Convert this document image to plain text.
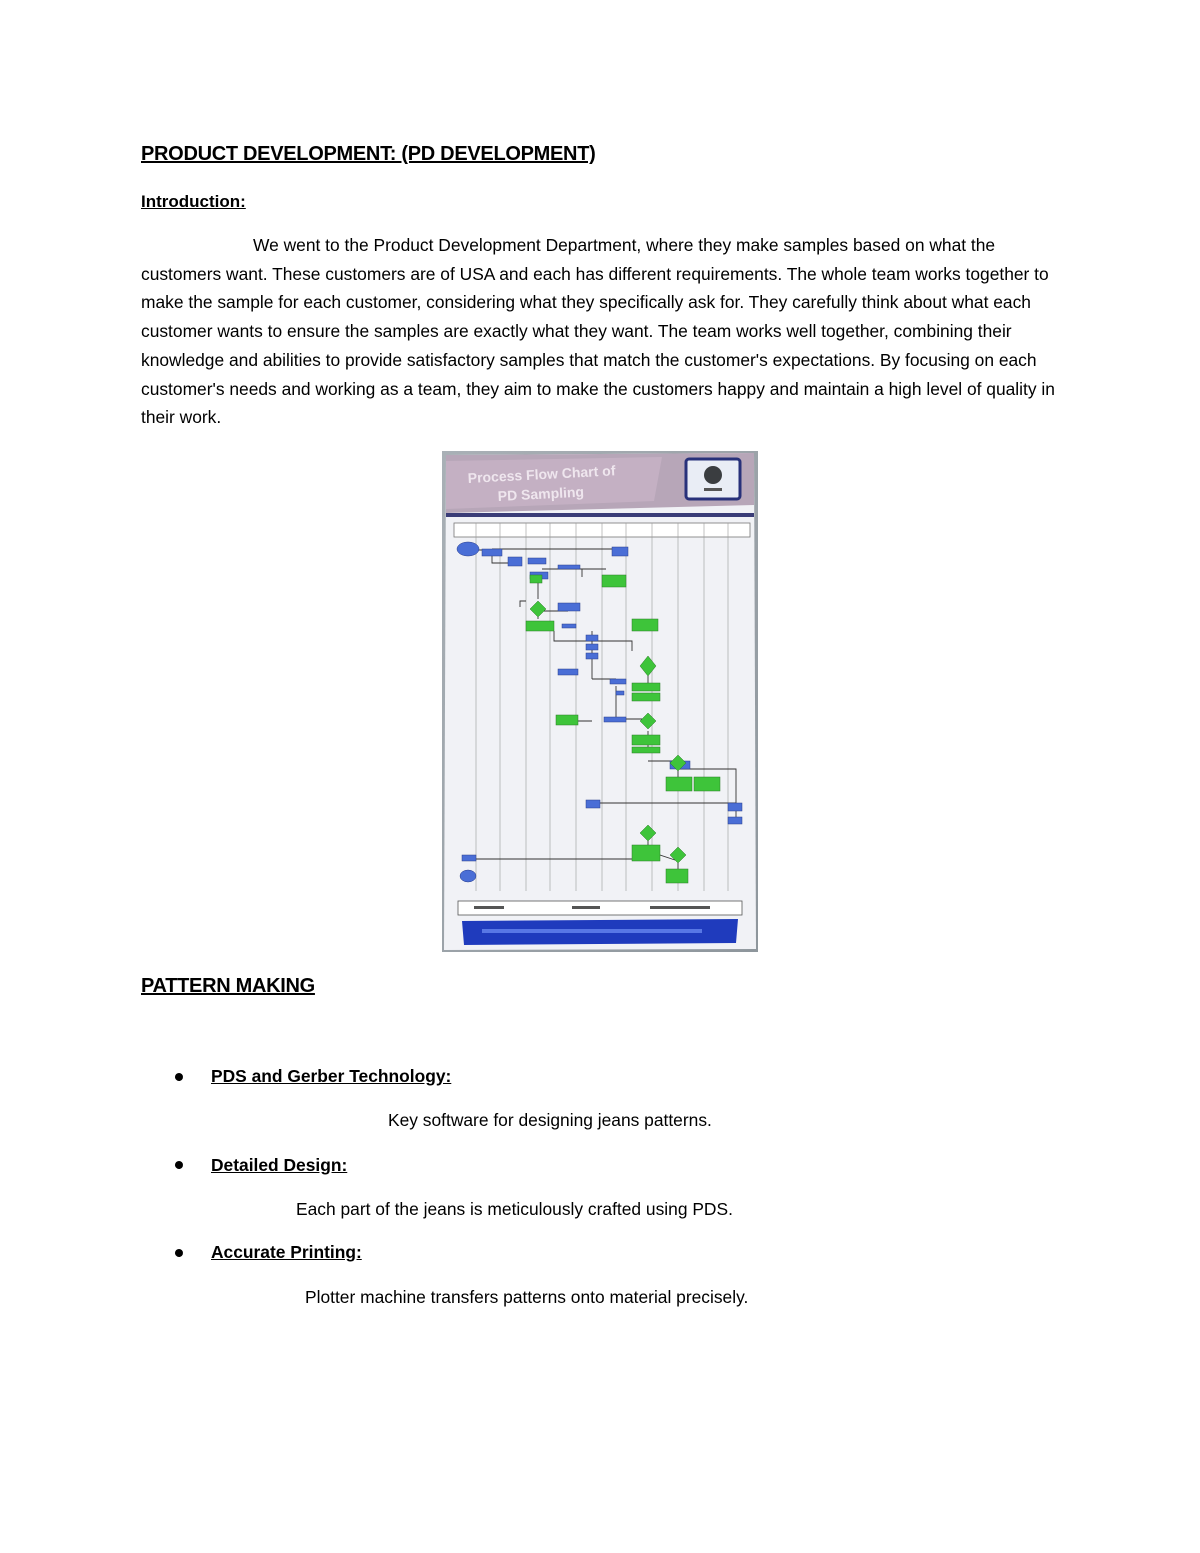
PRODUCT DEVELOPMENT: (PD DEVELOPMENT)
Introduction:

We went to the Product Development Department, where they make samples based on what the customers want. These customers are of USA and each has different requirements. The whole team works together to make the sample for each customer, considering what they specifically ask for. They carefully think about what each customer wants to ensure the samples are exactly what they want. The team works well together, combining their knowledge and abilities to provide satisfactory samples that match the customer's expectations. By focusing on each customer's needs and working as a team, they aim to make the customers happy and maintain a high level of quality in their work.

Process Flow Chart of
PD Sampling
PATTERN MAKING
PDS and Gerber Technology:
Key software for designing jeans patterns.
Detailed Design:
Each part of the jeans is meticulously crafted using PDS.
Accurate Printing:
Plotter machine transfers patterns onto material precisely.
